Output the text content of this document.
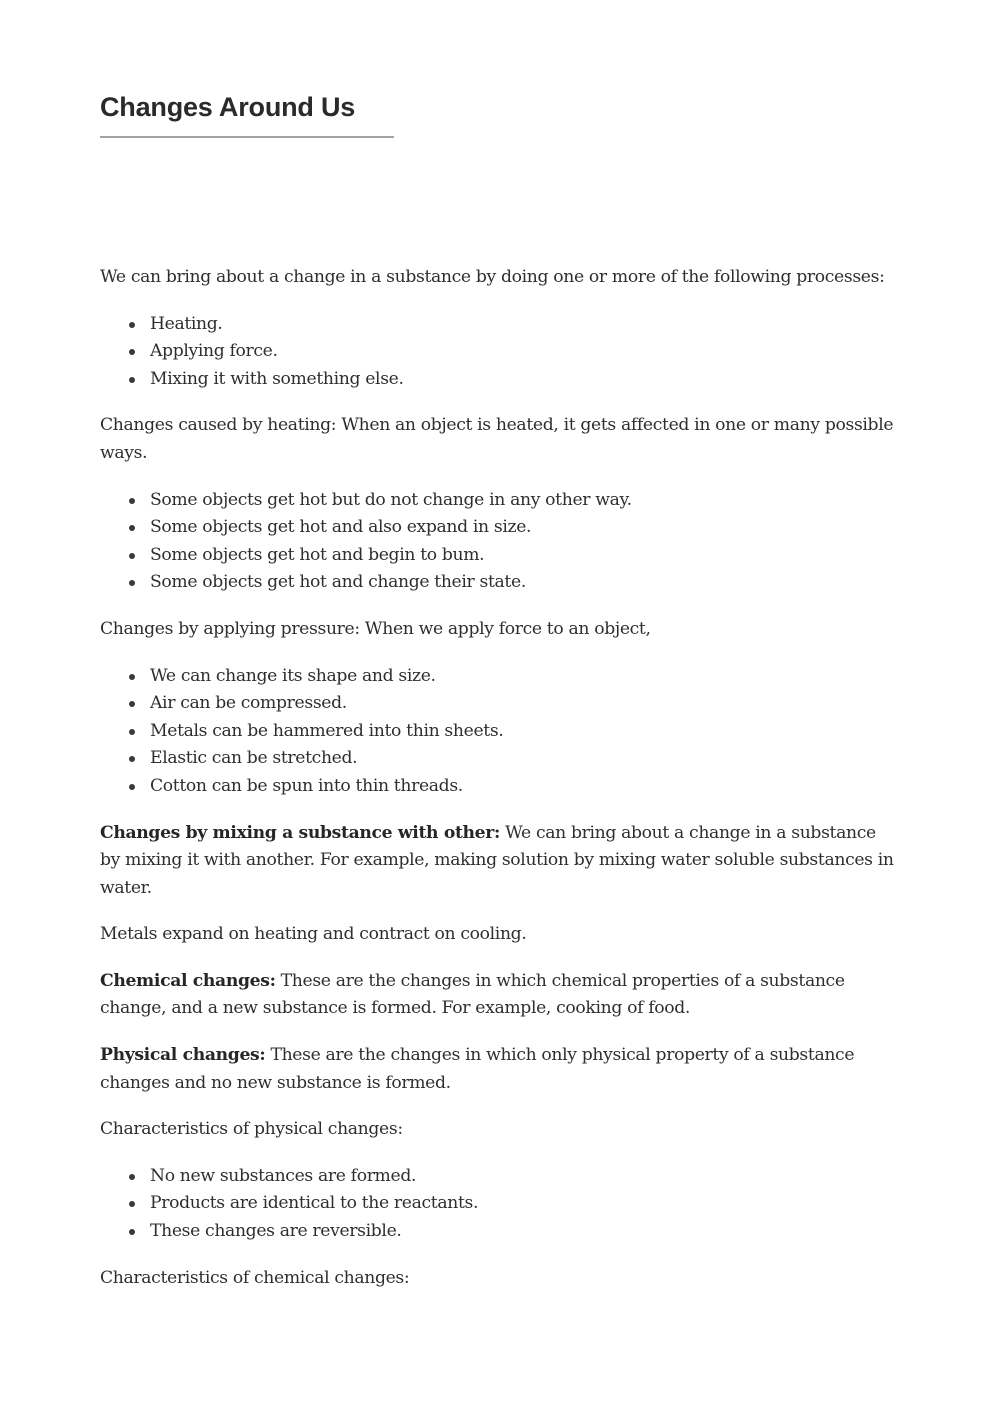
Changes Around Us

We can bring about a change in a substance by doing one or more of the following processes:

Heating.
Applying force.
Mixing it with something else.

Changes caused by heating: When an object is heated, it gets affected in one or many possible ways.

Some objects get hot but do not change in any other way.
Some objects get hot and also expand in size.
Some objects get hot and begin to bum.
Some objects get hot and change their state.

Changes by applying pressure: When we apply force to an object,

We can change its shape and size.
Air can be compressed.
Metals can be hammered into thin sheets.
Elastic can be stretched.
Cotton can be spun into thin threads.

Changes by mixing a substance with other: We can bring about a change in a substance by mixing it with another. For example, making solution by mixing water soluble substances in water.

Metals expand on heating and contract on cooling.

Chemical changes: These are the changes in which chemical properties of a substance change, and a new substance is formed. For example, cooking of food.

Physical changes: These are the changes in which only physical property of a substance changes and no new substance is formed.

Characteristics of physical changes:

No new substances are formed.
Products are identical to the reactants.
These changes are reversible.

Characteristics of chemical changes:
